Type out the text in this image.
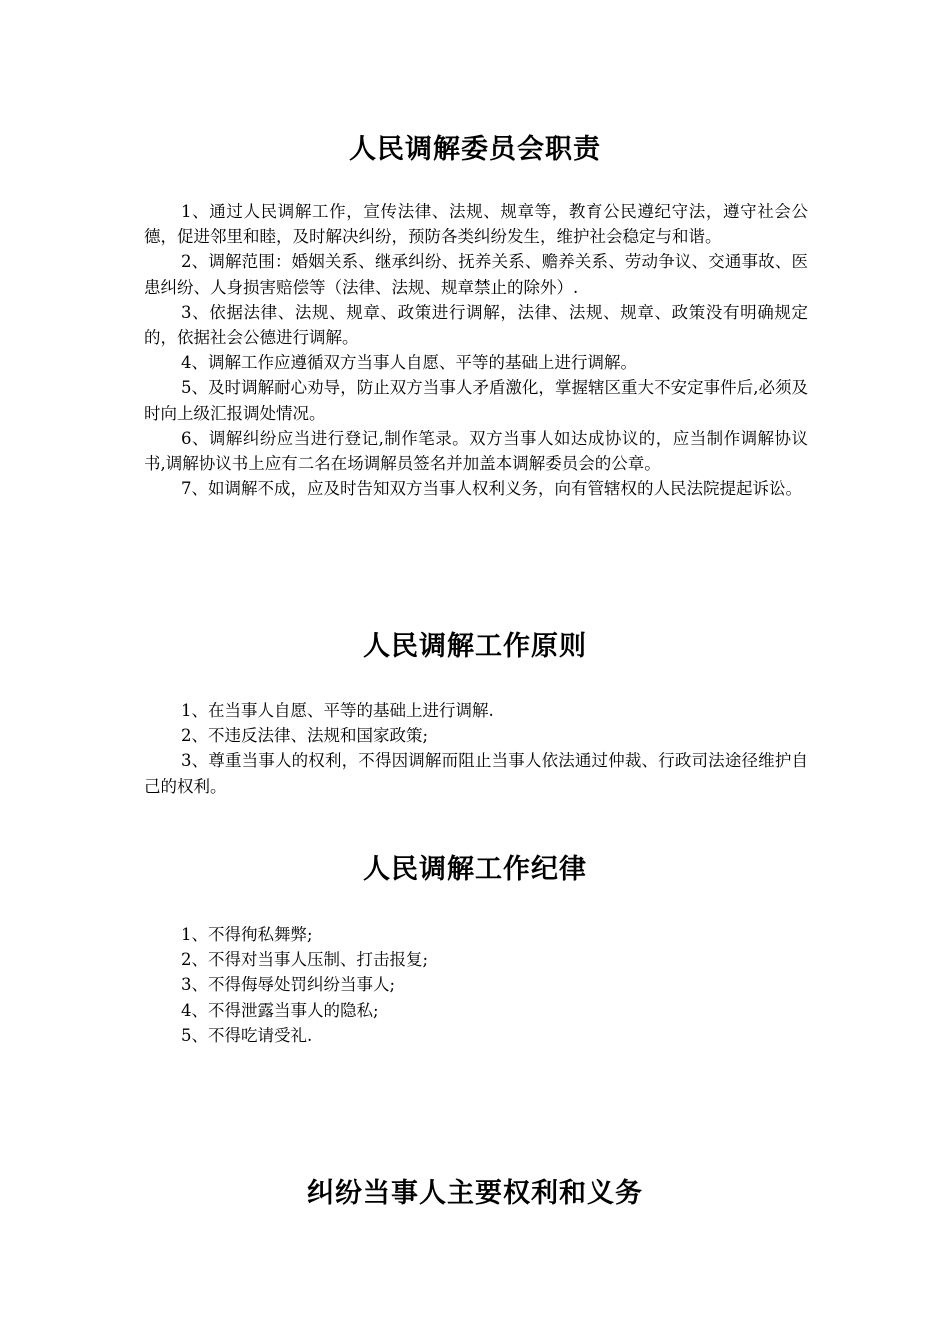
人民调解委员会职责

1、通过人民调解工作，宣传法律、法规、规章等，教育公民遵纪守法，遵守社会公德，促进邻里和睦，及时解决纠纷，预防各类纠纷发生，维护社会稳定与和谐。

2、调解范围：婚姻关系、继承纠纷、抚养关系、赡养关系、劳动争议、交通事故、医患纠纷、人身损害赔偿等（法律、法规、规章禁止的除外）.

3、依据法律、法规、规章、政策进行调解，法律、法规、规章、政策没有明确规定的，依据社会公德进行调解。

4、调解工作应遵循双方当事人自愿、平等的基础上进行调解。

5、及时调解耐心劝导，防止双方当事人矛盾激化，掌握辖区重大不安定事件后,必须及时向上级汇报调处情况。

6、调解纠纷应当进行登记,制作笔录。双方当事人如达成协议的，应当制作调解协议书,调解协议书上应有二名在场调解员签名并加盖本调解委员会的公章。

7、如调解不成，应及时告知双方当事人权利义务，向有管辖权的人民法院提起诉讼。

人民调解工作原则

1、在当事人自愿、平等的基础上进行调解.

2、不违反法律、法规和国家政策;

3、尊重当事人的权利，不得因调解而阻止当事人依法通过仲裁、行政司法途径维护自己的权利。

人民调解工作纪律

1、不得徇私舞弊;

2、不得对当事人压制、打击报复;

3、不得侮辱处罚纠纷当事人;

4、不得泄露当事人的隐私;

5、不得吃请受礼.

纠纷当事人主要权利和义务
